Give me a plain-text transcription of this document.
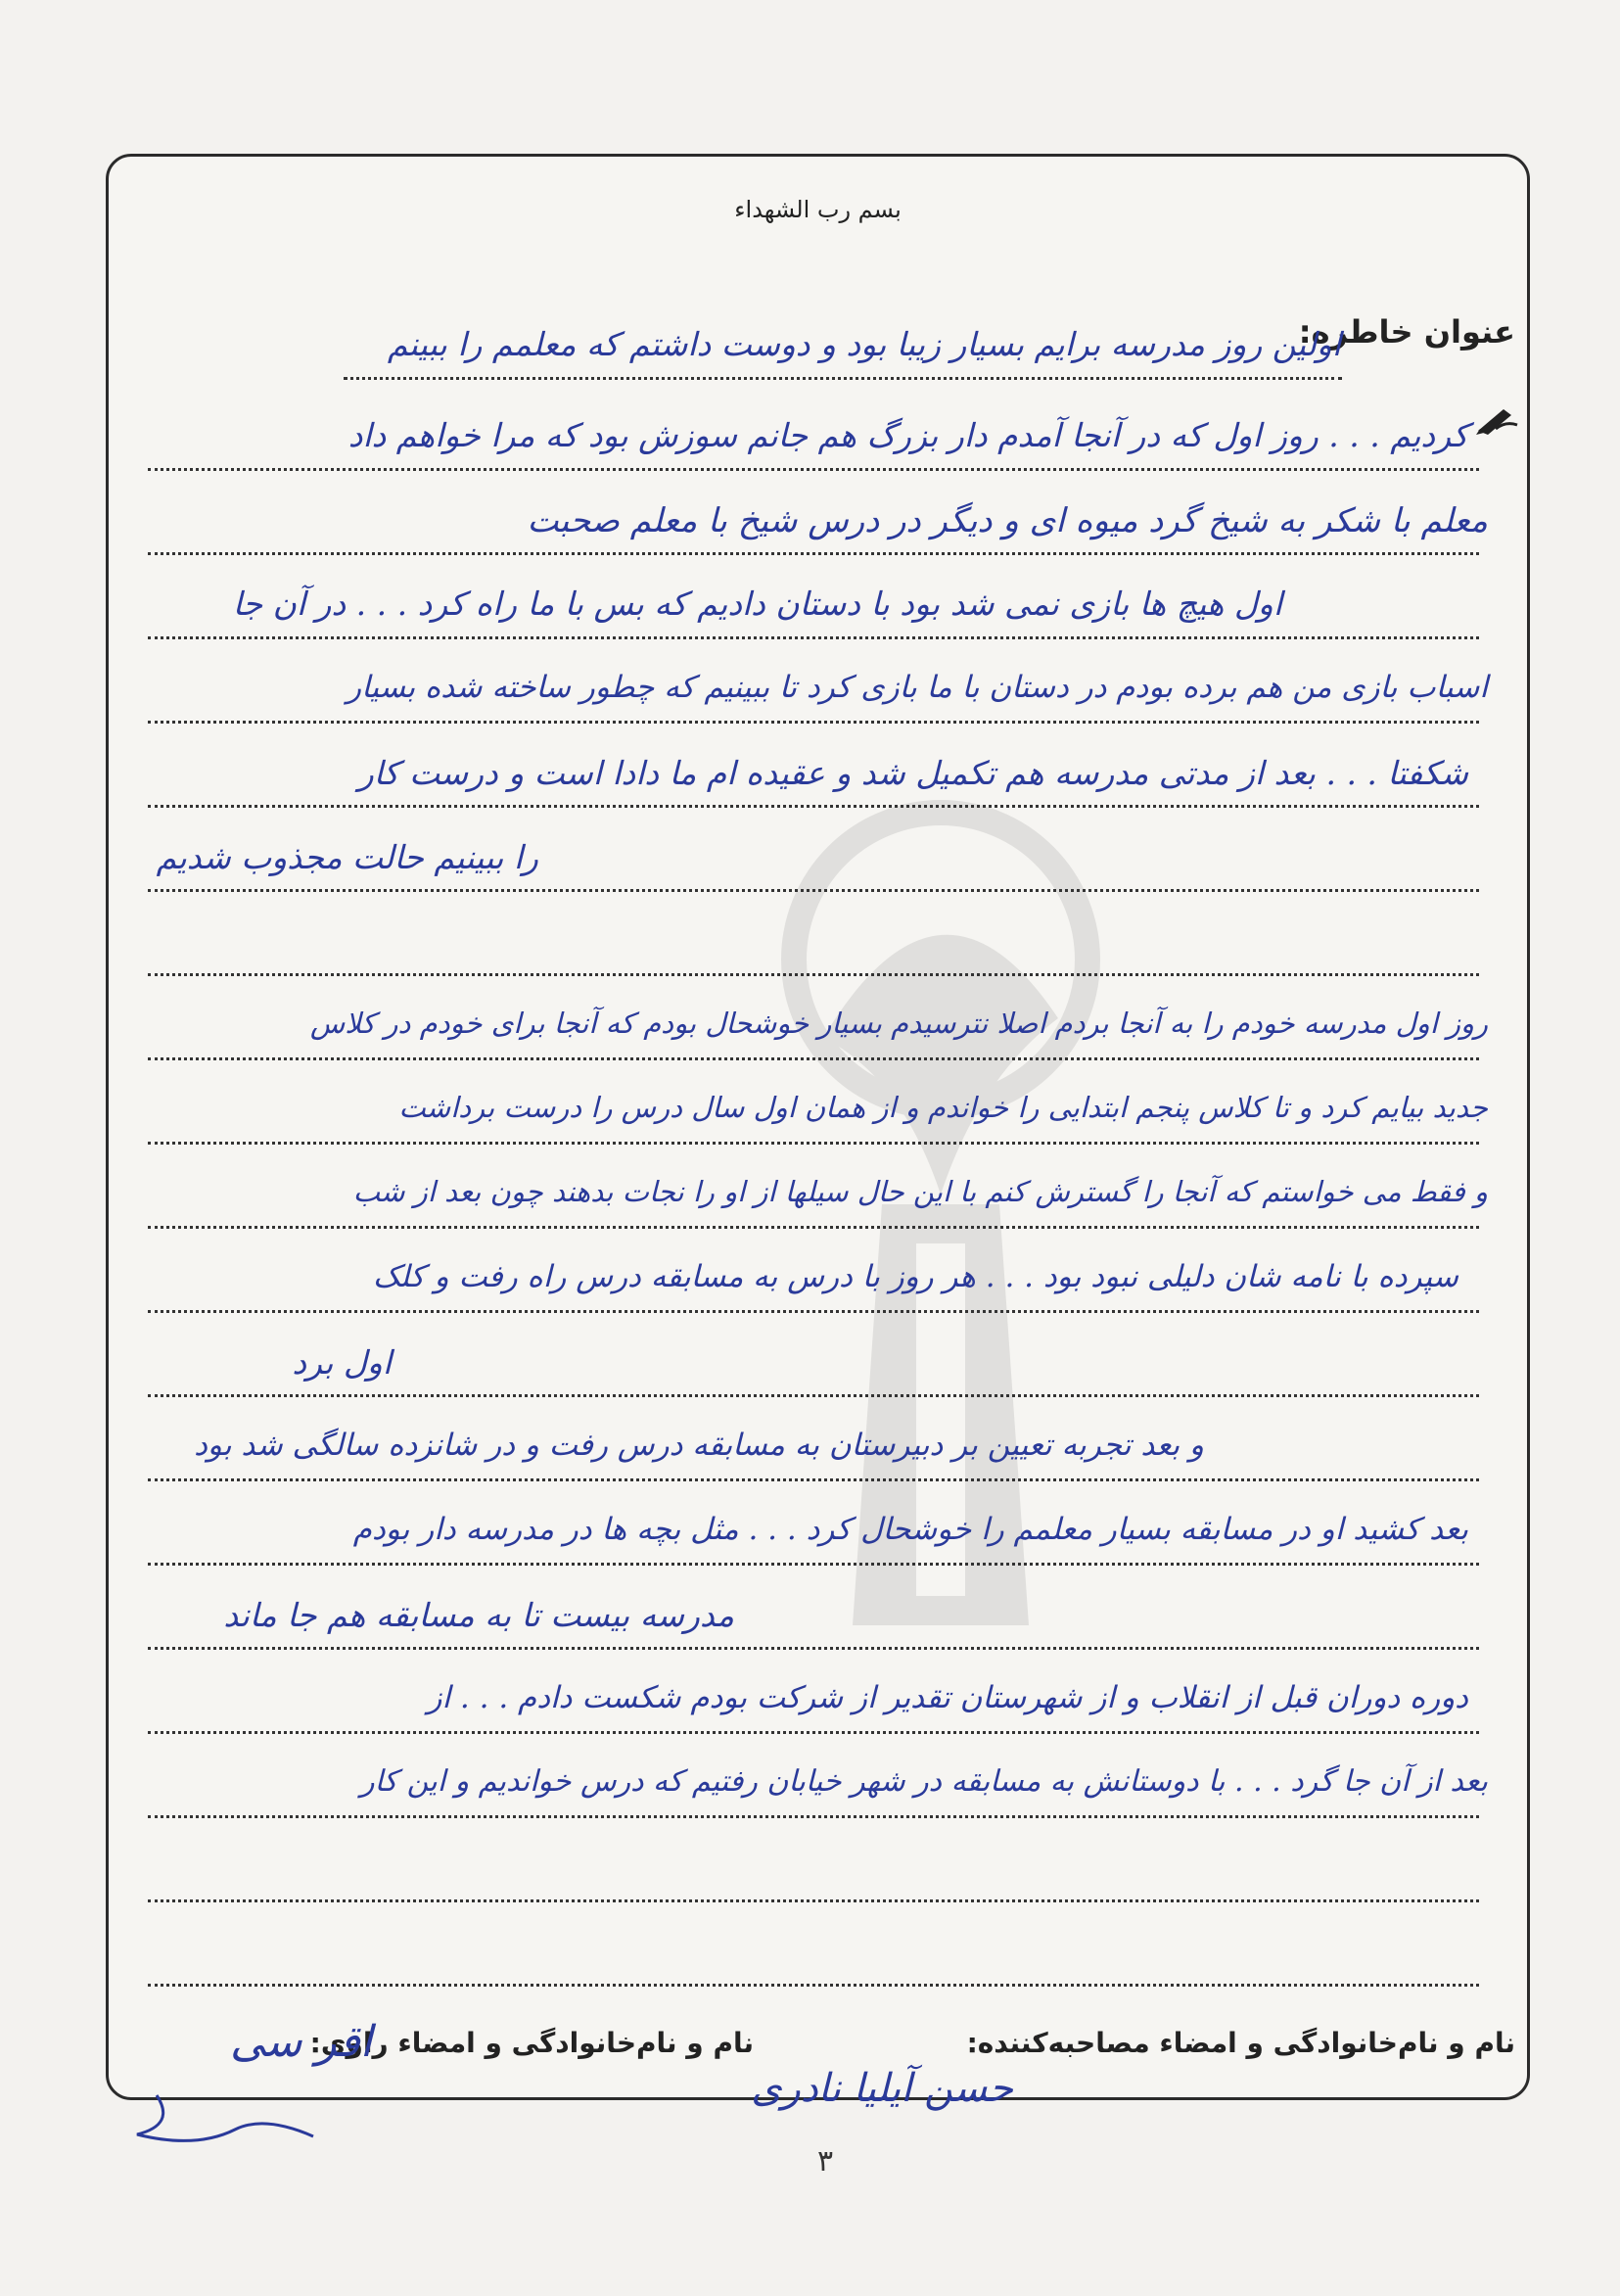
بسم رب الشهداء
عنوان خاطره:
اولین روز مدرسه برایم بسیار زیبا بود و دوست داشتم که معلمم را ببینم
کردیم . . . روز اول که در آنجا آمدم دار بزرگ هم جانم سوزش بود که مرا خواهم داد
معلم با شکر به شیخ گرد میوه ای و دیگر در درس شیخ با معلم صحبت
اول هیچ ها بازی نمی شد بود با دستان دادیم که بس با ما راه کرد . . . در آن جا
اسباب بازی من هم برده بودم در دستان با ما بازی کرد تا ببینیم که چطور ساخته شده بسیار
شکفتا . . . بعد از مدتی مدرسه هم تکمیل شد و عقیده ام ما دادا است و درست کار
را ببینیم حالت مجذوب شدیم
روز اول مدرسه خودم را به آنجا بردم اصلا نترسیدم بسیار خوشحال بودم که آنجا برای خودم در کلاس
جدید بیایم کرد و تا کلاس پنجم ابتدایی را خواندم و از همان اول سال درس را درست برداشت
و فقط می خواستم که آنجا را گسترش کنم با این حال سیلها از او را نجات بدهند چون بعد از شب
سپرده با نامه شان دلیلی نبود بود . . . هر روز با درس به مسابقه درس راه رفت و کلک
اول برد
و بعد تجربه تعیین بر دبیرستان به مسابقه درس رفت و در شانزده سالگی شد بود
بعد کشید او در مسابقه بسیار معلمم را خوشحال کرد . . . مثل بچه ها در مدرسه دار بودم
مدرسه بیست تا به مسابقه هم جا ماند
دوره دوران قبل از انقلاب و از شهرستان تقدیر از شرکت بودم شکست دادم . . . از
بعد از آن جا گرد . . . با دوستانش به مسابقه در شهر خیابان رفتیم که درس خواندیم و این کار
نام و نام‌خانوادگی و امضاء مصاحبه‌کننده:
نام و نام‌خانوادگی و امضاء راوی:
اقر سی
حسن آیلیا نادری
۳
